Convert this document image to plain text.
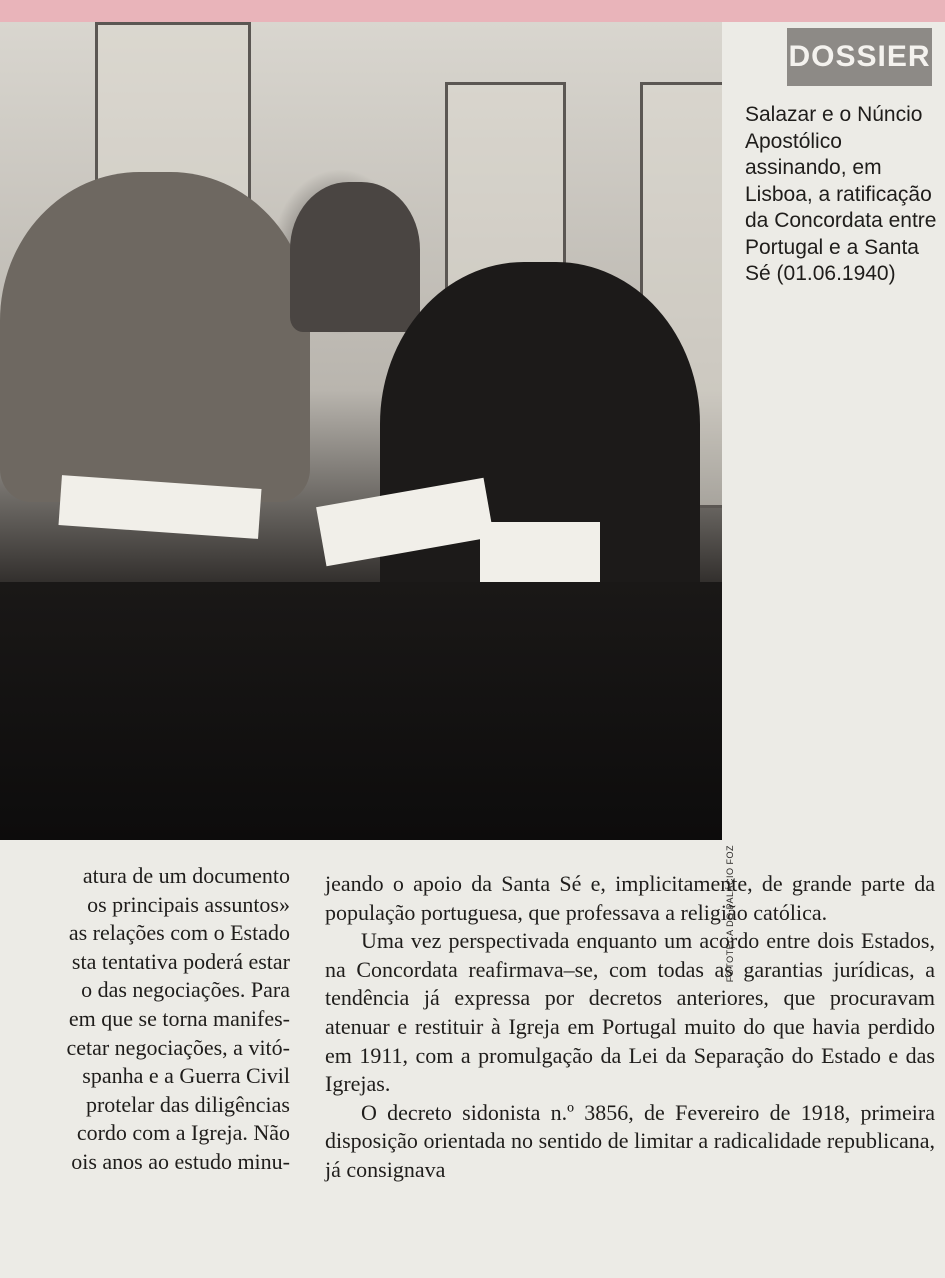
FOTOTECA DO PALÁCIO FOZ
DOSSIER
Salazar e o Núncio Apostólico assinando, em Lisboa, a ratificação da Concordata entre Portugal e a Santa Sé (01.06.1940)
atura de um documento
os principais assuntos»
as relações com o Estado
sta tentativa poderá estar
o das negociações. Para
em que se torna manifes-
cetar negociações, a vitó-
spanha e a Guerra Civil
protelar das diligências
cordo com a Igreja. Não
ois anos ao estudo minu-

jeando o apoio da Santa Sé e, implicitamente, de grande parte da população portuguesa, que professava a religião católica.

Uma vez perspectivada enquanto um acordo entre dois Estados, na Concordata reafirmava–se, com todas as garantias jurídicas, a tendência já expressa por decretos anteriores, que procuravam atenuar e restituir à Igreja em Portugal muito do que havia perdido em 1911, com a promulgação da Lei da Separação do Estado e das Igrejas.

O decreto sidonista n.º 3856, de Fevereiro de 1918, primeira disposição orientada no sentido de limitar a radicalidade republicana, já consignava
